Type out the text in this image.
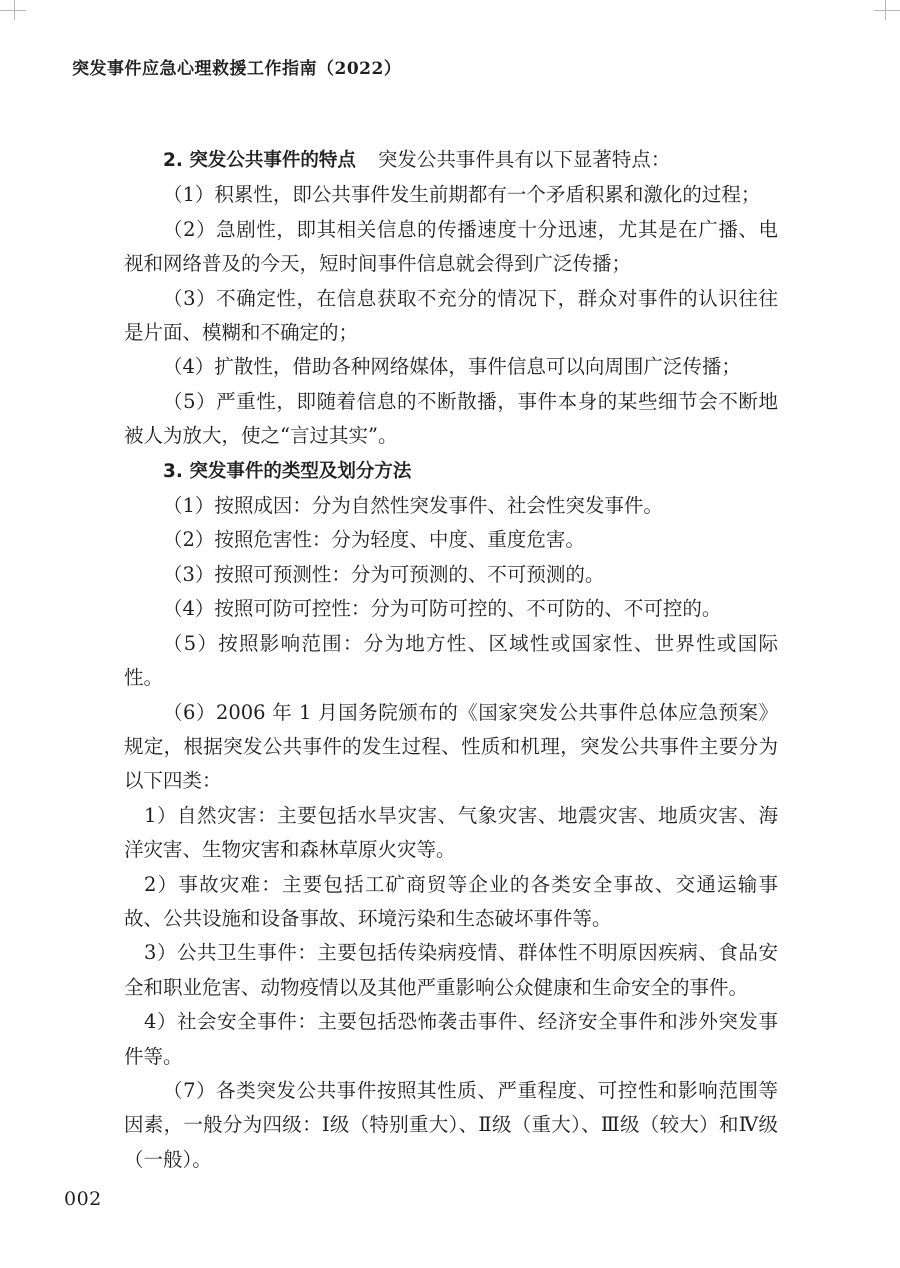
突发事件应急心理救援工作指南（2022）

2. 突发公共事件的特点 突发公共事件具有以下显著特点：

（1）积累性，即公共事件发生前期都有一个矛盾积累和激化的过程；

（2）急剧性，即其相关信息的传播速度十分迅速，尤其是在广播、电视和网络普及的今天，短时间事件信息就会得到广泛传播；

（3）不确定性，在信息获取不充分的情况下，群众对事件的认识往往是片面、模糊和不确定的；

（4）扩散性，借助各种网络媒体，事件信息可以向周围广泛传播；

（5）严重性，即随着信息的不断散播，事件本身的某些细节会不断地被人为放大，使之“言过其实”。

3. 突发事件的类型及划分方法

（1）按照成因：分为自然性突发事件、社会性突发事件。

（2）按照危害性：分为轻度、中度、重度危害。

（3）按照可预测性：分为可预测的、不可预测的。

（4）按照可防可控性：分为可防可控的、不可防的、不可控的。

（5）按照影响范围：分为地方性、区域性或国家性、世界性或国际性。

（6）2006 年 1 月国务院颁布的《国家突发公共事件总体应急预案》规定，根据突发公共事件的发生过程、性质和机理，突发公共事件主要分为以下四类：

1）自然灾害：主要包括水旱灾害、气象灾害、地震灾害、地质灾害、海洋灾害、生物灾害和森林草原火灾等。

2）事故灾难：主要包括工矿商贸等企业的各类安全事故、交通运输事故、公共设施和设备事故、环境污染和生态破坏事件等。

3）公共卫生事件：主要包括传染病疫情、群体性不明原因疾病、食品安全和职业危害、动物疫情以及其他严重影响公众健康和生命安全的事件。

4）社会安全事件：主要包括恐怖袭击事件、经济安全事件和涉外突发事件等。

（7）各类突发公共事件按照其性质、严重程度、可控性和影响范围等因素，一般分为四级：Ⅰ级（特别重大）、Ⅱ级（重大）、Ⅲ级（较大）和Ⅳ级（一般）。

002
